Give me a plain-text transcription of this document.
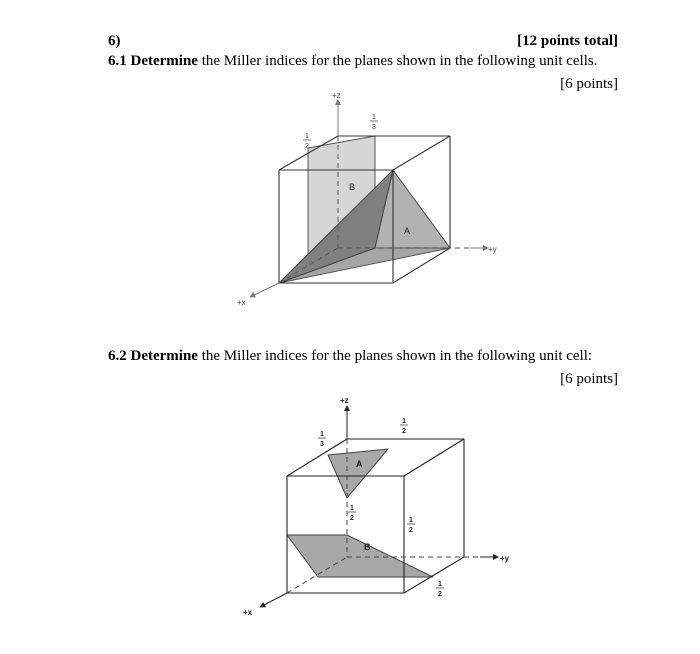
6)	[12 points total]
6.1 Determine the Miller indices for the planes shown in the following unit cells.
[6 points]
6.2 Determine the Miller indices for the planes shown in the following unit cell:
[6 points]
+z
+y
+x
1
2
1
3
B
A
+z
+y
+x
1
3
1
2
1
2	1
2
1
2
A
B
